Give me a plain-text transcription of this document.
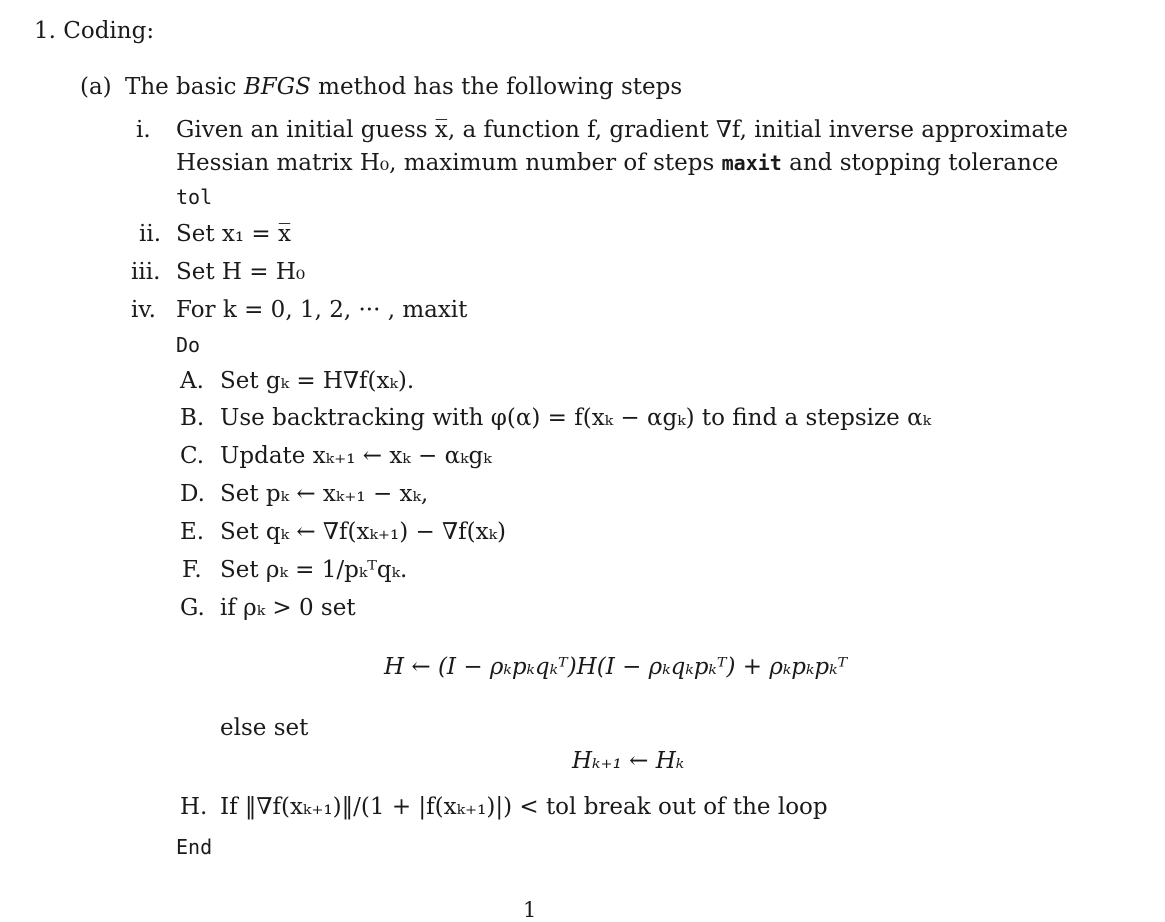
1. Coding:
(a) The basic BFGS method has the following steps
i. Given an initial guess x̅, a function f, gradient ∇f, initial inverse approximate
Hessian matrix H₀, maximum number of steps maxit and stopping tolerance
tol
ii. Set x₁ = x̅
iii. Set H = H₀
iv. For k = 0, 1, 2, ··· , maxit
Do
A. Set gₖ = H∇f(xₖ).
B. Use backtracking with φ(α) = f(xₖ − αgₖ) to find a stepsize αₖ
C. Update xₖ₊₁ ← xₖ − αₖgₖ
D. Set pₖ ← xₖ₊₁ − xₖ,
E. Set qₖ ← ∇f(xₖ₊₁) − ∇f(xₖ)
F. Set ρₖ = 1/pₖᵀqₖ.
G. if ρₖ > 0 set
H ← (I − ρₖpₖqₖᵀ)H(I − ρₖqₖpₖᵀ) + ρₖpₖpₖᵀ
else set
Hₖ₊₁ ← Hₖ
H. If ‖∇f(xₖ₊₁)‖/(1 + |f(xₖ₊₁)|) < tol break out of the loop
End
1
